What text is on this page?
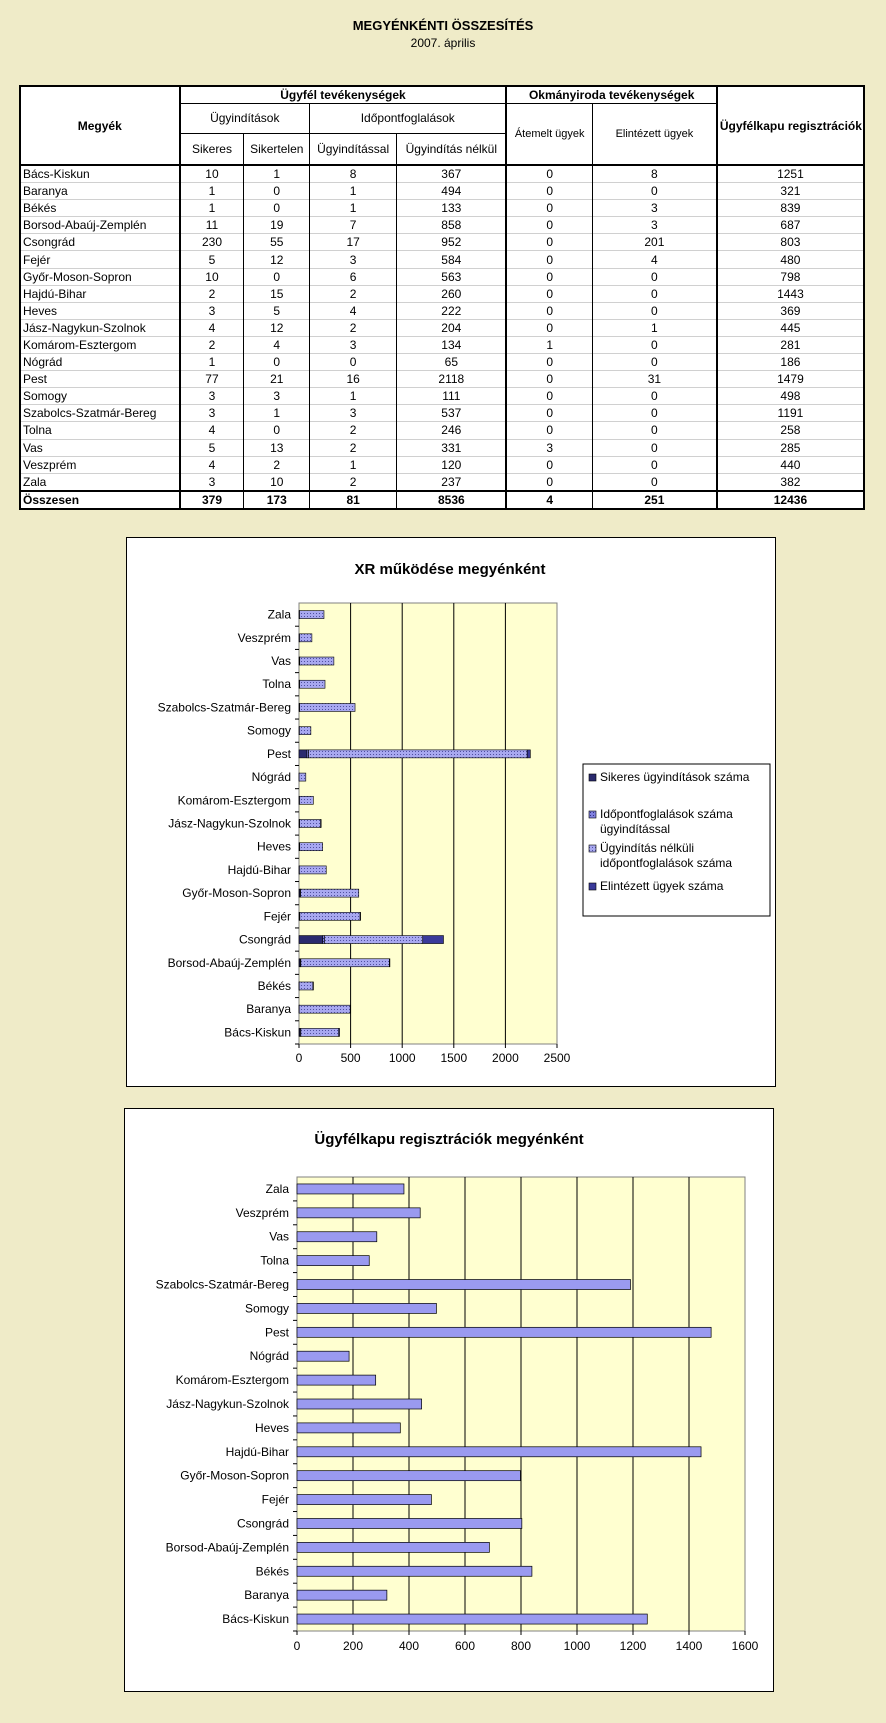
MEGYÉNKÉNTI ÖSSZESÍTÉS
2007. április
Megyék	Ügyfél tevékenységek				Okmányiroda tevékenységek		Ügyfélkapu regisztrációk
	Ügyindítások		Időpontfoglalások		Átemelt ügyek	Elintézett ügyek	
	Sikeres	Sikertelen	Ügyindítással	Ügyindítás nélkül			
Bács-Kiskun	10	1	8	367	0	8	1251
Baranya	1	0	1	494	0	0	321
Békés	1	0	1	133	0	3	839
Borsod-Abaúj-Zemplén	11	19	7	858	0	3	687
Csongrád	230	55	17	952	0	201	803
Fejér	5	12	3	584	0	4	480
Győr-Moson-Sopron	10	0	6	563	0	0	798
Hajdú-Bihar	2	15	2	260	0	0	1443
Heves	3	5	4	222	0	0	369
Jász-Nagykun-Szolnok	4	12	2	204	0	1	445
Komárom-Esztergom	2	4	3	134	1	0	281
Nógrád	1	0	0	65	0	0	186
Pest	77	21	16	2118	0	31	1479
Somogy	3	3	1	111	0	0	498
Szabolcs-Szatmár-Bereg	3	1	3	537	0	0	1191
Tolna	4	0	2	246	0	0	258
Vas	5	13	2	331	3	0	285
Veszprém	4	2	1	120	0	0	440
Zala	3	10	2	237	0	0	382
Összesen	379	173	81	8536	4	251	12436
XR működése megyénként
0	500 1000 1500 2000 2500
Bács-Kiskun
Baranya
Békés
Borsod-Abaúj-Zemplén
Csongrád
Fejér
Győr-Moson-Sopron
Hajdú-Bihar
Heves
Jász-Nagykun-Szolnok
Komárom-Esztergom
Nógrád
Pest
Somogy
Szabolcs-Szatmár-Bereg
Tolna
Vas
Veszprém
Zala
Sikeres ügyindítások száma
Időpontfoglalások száma ügyindítással
Ügyindítás nélküli időpontfoglalások száma
Elintézett ügyek száma
Ügyfélkapu regisztrációk megyénként
0	200	400	600	800	1000 1200 1400 1600
Bács-Kiskun
Baranya
Békés
Borsod-Abaúj-Zemplén
Csongrád
Fejér
Győr-Moson-Sopron
Hajdú-Bihar
Heves
Jász-Nagykun-Szolnok
Komárom-Esztergom
Nógrád
Pest
Somogy
Szabolcs-Szatmár-Bereg
Tolna
Vas
Veszprém
Zala
